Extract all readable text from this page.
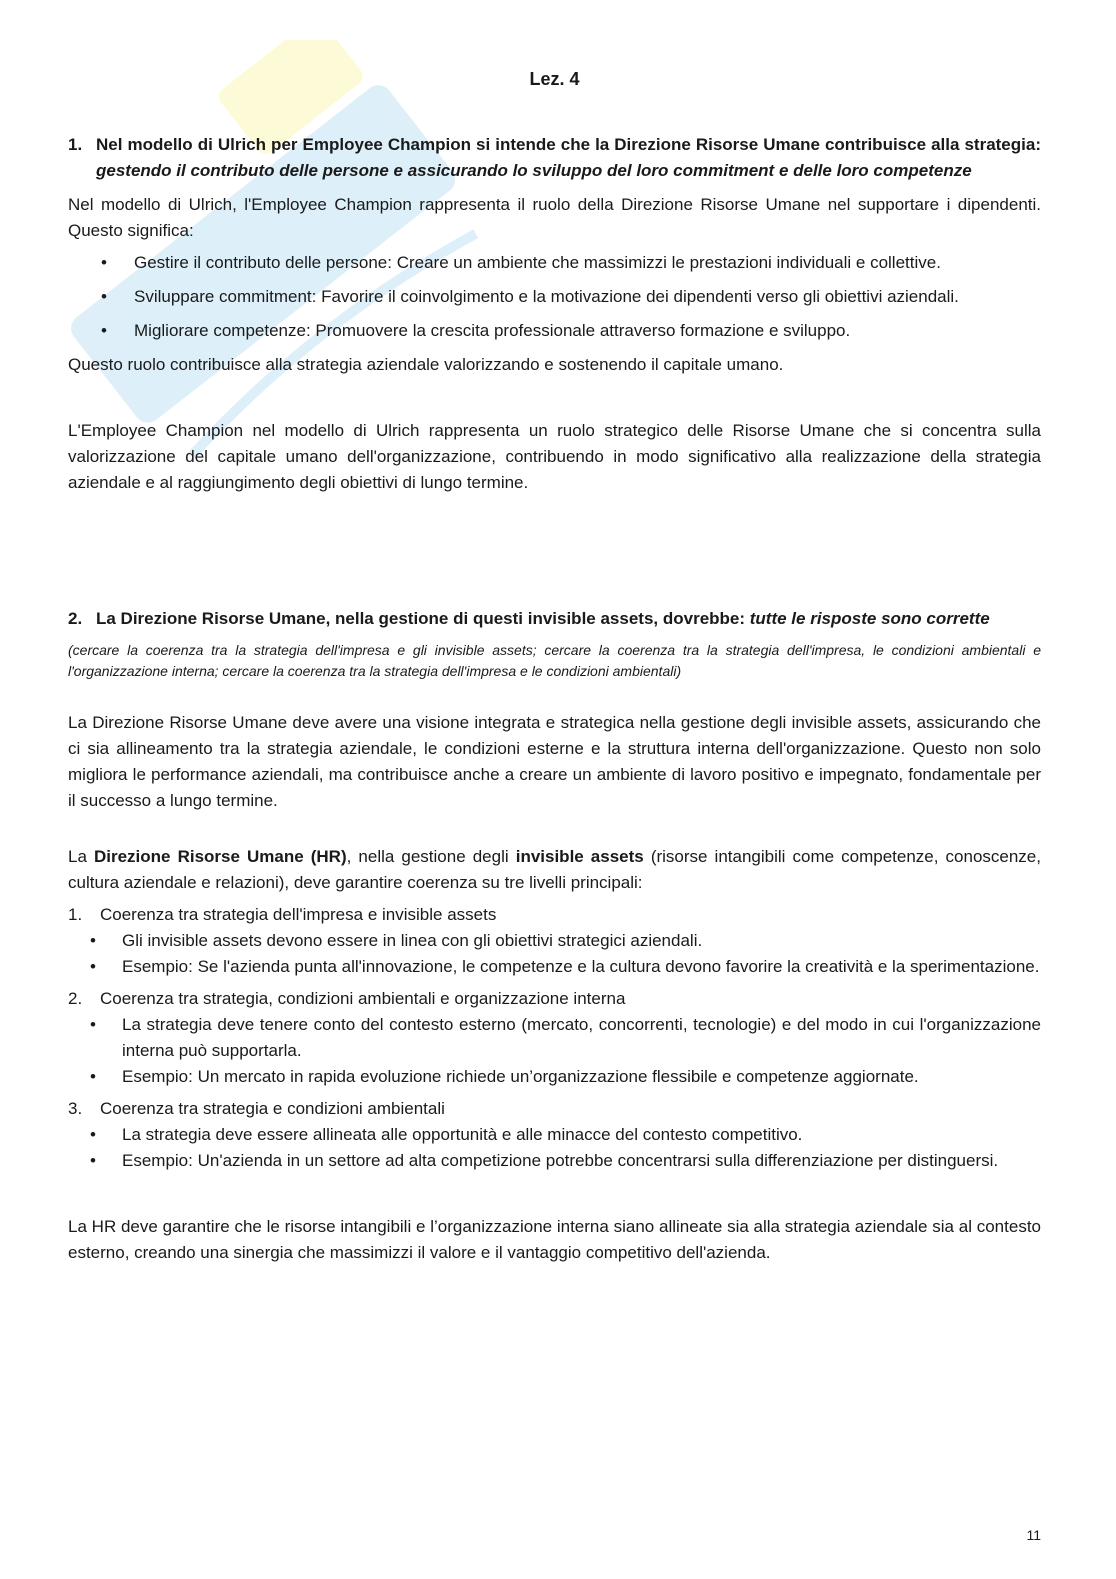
Lez. 4
1. Nel modello di Ulrich per Employee Champion si intende che la Direzione Risorse Umane contribuisce alla strategia: gestendo il contributo delle persone e assicurando lo sviluppo del loro commitment e delle loro competenze

Nel modello di Ulrich, l'Employee Champion rappresenta il ruolo della Direzione Risorse Umane nel supportare i dipendenti. Questo significa:

• Gestire il contributo delle persone: Creare un ambiente che massimizzi le prestazioni individuali e collettive.
• Sviluppare commitment: Favorire il coinvolgimento e la motivazione dei dipendenti verso gli obiettivi aziendali.
• Migliorare competenze: Promuovere la crescita professionale attraverso formazione e sviluppo.

Questo ruolo contribuisce alla strategia aziendale valorizzando e sostenendo il capitale umano.

L'Employee Champion nel modello di Ulrich rappresenta un ruolo strategico delle Risorse Umane che si concentra sulla valorizzazione del capitale umano dell'organizzazione, contribuendo in modo significativo alla realizzazione della strategia aziendale e al raggiungimento degli obiettivi di lungo termine.

2. La Direzione Risorse Umane, nella gestione di questi invisible assets, dovrebbe: tutte le risposte sono corrette

(cercare la coerenza tra la strategia dell'impresa e gli invisible assets; cercare la coerenza tra la strategia dell'impresa, le condizioni ambientali e l'organizzazione interna; cercare la coerenza tra la strategia dell'impresa e le condizioni ambientali)

La Direzione Risorse Umane deve avere una visione integrata e strategica nella gestione degli invisible assets, assicurando che ci sia allineamento tra la strategia aziendale, le condizioni esterne e la struttura interna dell'organizzazione. Questo non solo migliora le performance aziendali, ma contribuisce anche a creare un ambiente di lavoro positivo e impegnato, fondamentale per il successo a lungo termine.

La Direzione Risorse Umane (HR), nella gestione degli invisible assets (risorse intangibili come competenze, conoscenze, cultura aziendale e relazioni), deve garantire coerenza su tre livelli principali:

1.	Coerenza tra strategia dell'impresa e invisible assets
• Gli invisible assets devono essere in linea con gli obiettivi strategici aziendali.
• Esempio: Se l'azienda punta all'innovazione, le competenze e la cultura devono favorire la creatività e la sperimentazione.
2.	Coerenza tra strategia, condizioni ambientali e organizzazione interna
• La strategia deve tenere conto del contesto esterno (mercato, concorrenti, tecnologie) e del modo in cui l'organizzazione interna può supportarla.
• Esempio: Un mercato in rapida evoluzione richiede un’organizzazione flessibile e competenze aggiornate.
3.	Coerenza tra strategia e condizioni ambientali
• La strategia deve essere allineata alle opportunità e alle minacce del contesto competitivo.
• Esempio: Un'azienda in un settore ad alta competizione potrebbe concentrarsi sulla differenziazione per distinguersi.

La HR deve garantire che le risorse intangibili e l’organizzazione interna siano allineate sia alla strategia aziendale sia al contesto esterno, creando una sinergia che massimizzi il valore e il vantaggio competitivo dell'azienda.

11
